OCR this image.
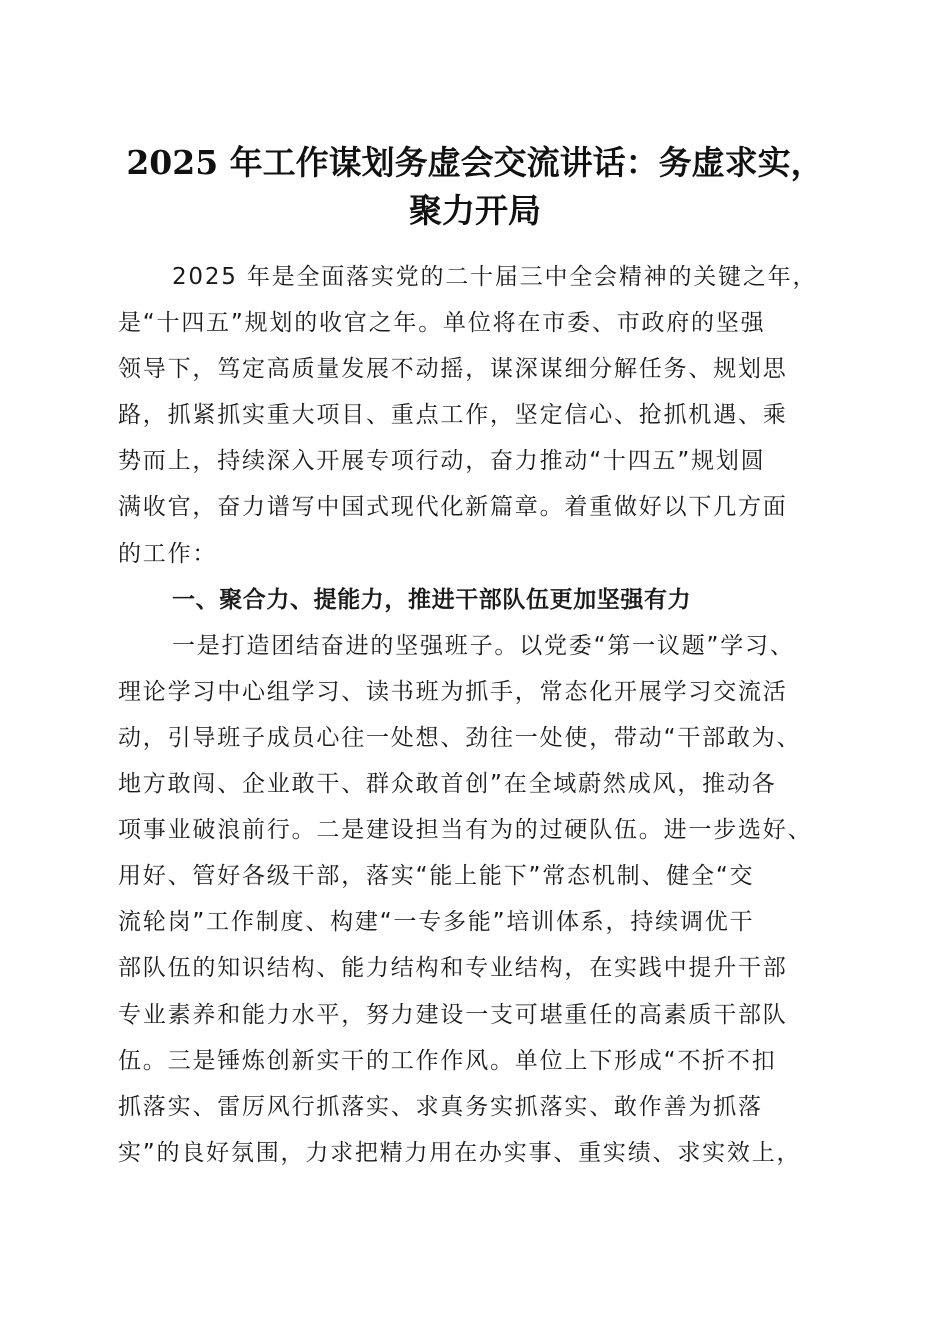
2025 年工作谋划务虚会交流讲话：务虚求实，
聚力开局
2025 年是全面落实党的二十届三中全会精神的关键之年，
是“十四五”规划的收官之年。单位将在市委、市政府的坚强
领导下，笃定高质量发展不动摇，谋深谋细分解任务、规划思
路，抓紧抓实重大项目、重点工作，坚定信心、抢抓机遇、乘
势而上，持续深入开展专项行动，奋力推动“十四五”规划圆
满收官，奋力谱写中国式现代化新篇章。着重做好以下几方面
的工作：
一、聚合力、提能力，推进干部队伍更加坚强有力
一是打造团结奋进的坚强班子。以党委“第一议题”学习、
理论学习中心组学习、读书班为抓手，常态化开展学习交流活
动，引导班子成员心往一处想、劲往一处使，带动“干部敢为、
地方敢闯、企业敢干、群众敢首创”在全域蔚然成风，推动各
项事业破浪前行。二是建设担当有为的过硬队伍。进一步选好、
用好、管好各级干部，落实“能上能下”常态机制、健全“交
流轮岗”工作制度、构建“一专多能”培训体系，持续调优干
部队伍的知识结构、能力结构和专业结构，在实践中提升干部
专业素养和能力水平，努力建设一支可堪重任的高素质干部队
伍。三是锤炼创新实干的工作作风。单位上下形成“不折不扣
抓落实、雷厉风行抓落实、求真务实抓落实、敢作善为抓落
实”的良好氛围，力求把精力用在办实事、重实绩、求实效上，
